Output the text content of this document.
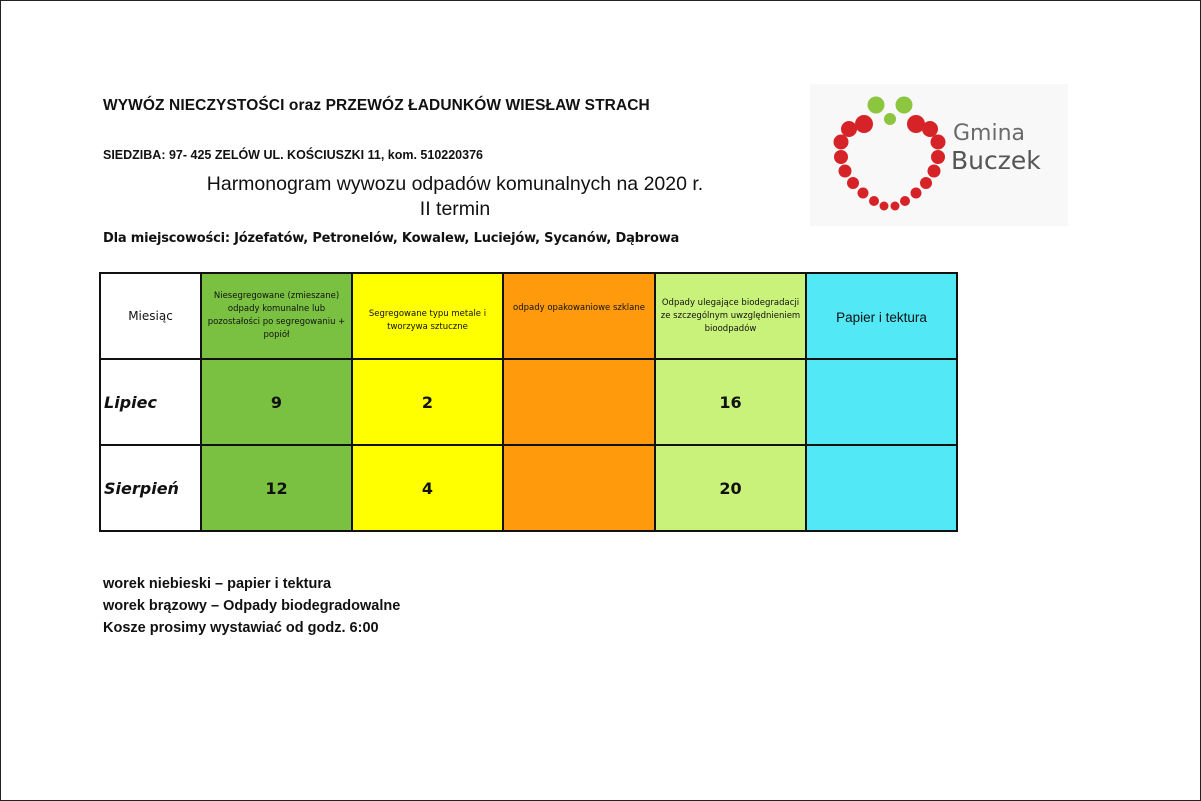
WYWÓZ NIECZYSTOŚCI oraz PRZEWÓZ ŁADUNKÓW WIESŁAW STRACH
SIEDZIBA: 97- 425 ZELÓW UL. KOŚCIUSZKI 11, kom. 510220376
Harmonogram wywozu odpadów komunalnych na 2020 r.
II termin
Dla miejscowości: Józefatów, Petronelów, Kowalew, Luciejów, Sycanów, Dąbrowa
Gmina
Buczek
Miesiąc	Niesegregowane (zmieszane) odpady komunalne lub pozostałości po segregowaniu + popiół	Segregowane typu metale i tworzywa sztuczne	odpady opakowaniowe szklane	Odpady ulegające biodegradacji ze szczególnym uwzględnieniem bioodpadów	Papier i tektura
Lipiec	9	2		16	
Sierpień	12	4		20	
worek niebieski – papier i tektura
worek brązowy – Odpady biodegradowalne
Kosze prosimy wystawiać od godz. 6:00
